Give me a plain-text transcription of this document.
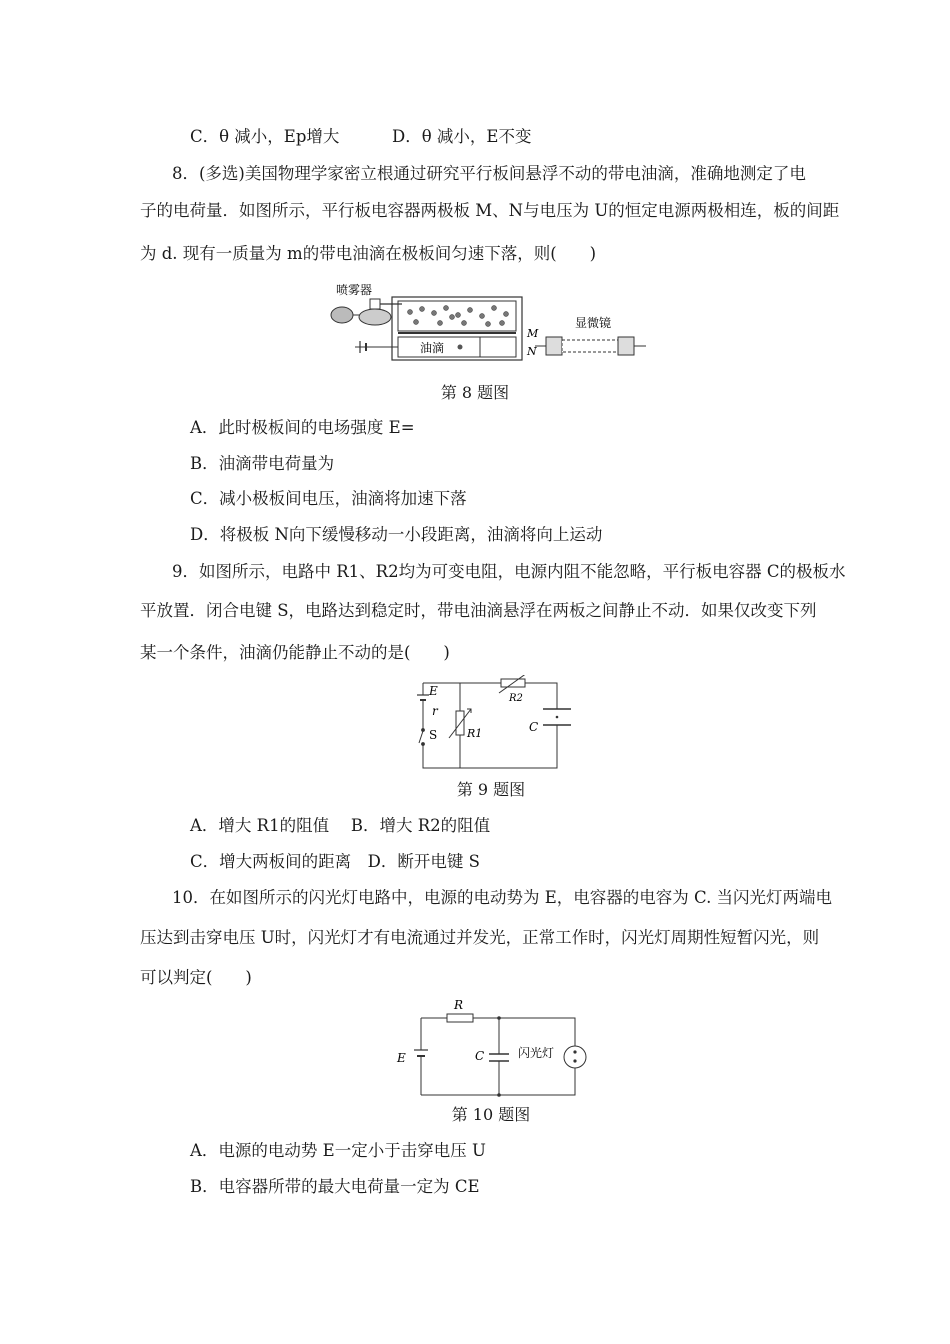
C．θ 减小，Ep增大	D．θ 减小，E不变
8．(多选)美国物理学家密立根通过研究平行板间悬浮不动的带电油滴，准确地测定了电
子的电荷量．如图所示，平行板电容器两极板 M、N与电压为 U的恒定电源两极相连，板的间距
为 d. 现有一质量为 m的带电油滴在极板间匀速下落，则(　　)
喷雾器
油滴
M
N
显微镜
第 8 题图
A．此时极板间的电场强度 E=
B．油滴带电荷量为
C．减小极板间电压，油滴将加速下落
D．将极板 N向下缓慢移动一小段距离，油滴将向上运动
9．如图所示，电路中 R1、R2均为可变电阻，电源内阻不能忽略，平行板电容器 C的极板水
平放置．闭合电键 S，电路达到稳定时，带电油滴悬浮在两板之间静止不动．如果仅改变下列
某一个条件，油滴仍能静止不动的是(　　)
E
r
S	R1
R2
C
第 9 题图
A．增大 R1的阻值　 B．增大 R2的阻值
C．增大两板间的距离　D．断开电键 S
10．在如图所示的闪光灯电路中，电源的电动势为 E，电容器的电容为 C. 当闪光灯两端电
压达到击穿电压 U时，闪光灯才有电流通过并发光，正常工作时，闪光灯周期性短暂闪光，则
可以判定(　　)
R
C
E	闪光灯
第 10 题图
A．电源的电动势 E一定小于击穿电压 U
B．电容器所带的最大电荷量一定为 CE
